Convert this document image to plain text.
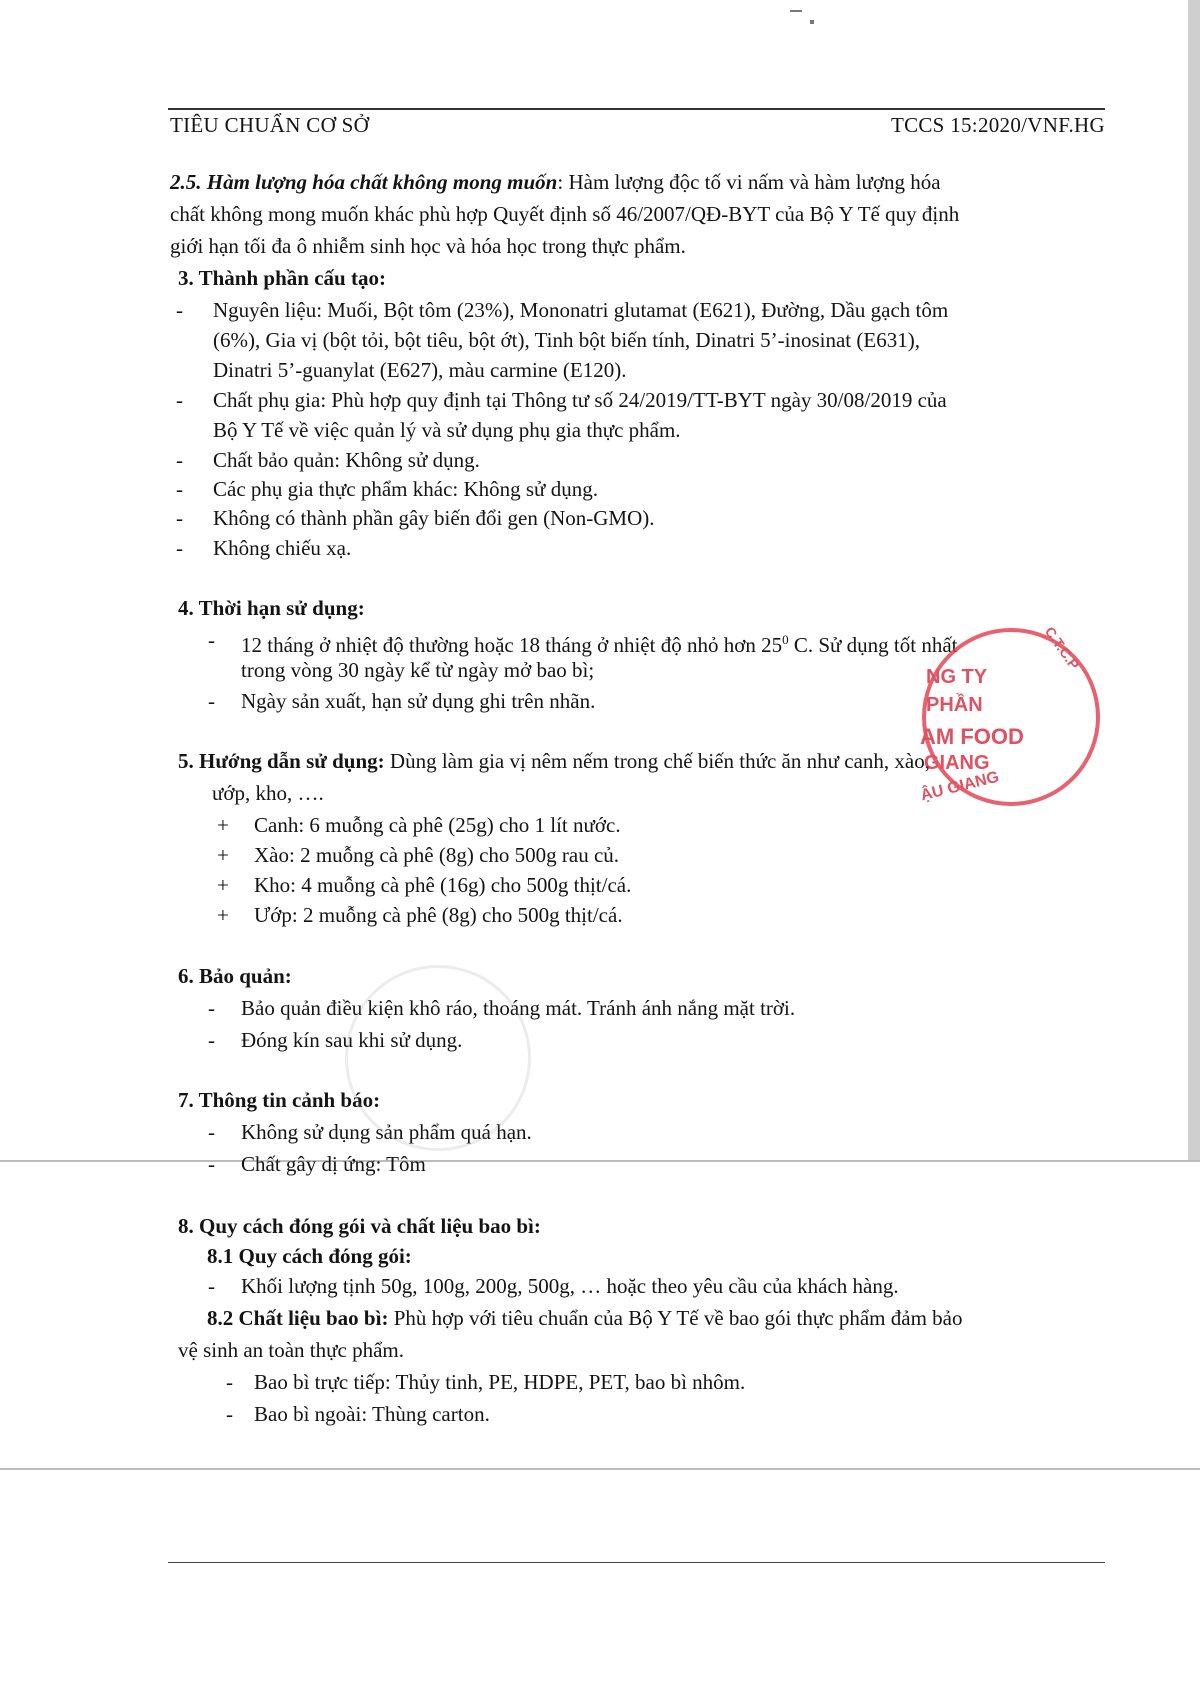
TIÊU CHUẨN CƠ SỞ	TCCS 15:2020/VNF.HG
2.5. Hàm lượng hóa chất không mong muốn: Hàm lượng độc tố vi nấm và hàm lượng hóa
chất không mong muốn khác phù hợp Quyết định số 46/2007/QĐ-BYT của Bộ Y Tế quy định
giới hạn tối đa ô nhiễm sinh học và hóa học trong thực phẩm.
3. Thành phần cấu tạo:
- Nguyên liệu: Muối, Bột tôm (23%), Mononatri glutamat (E621), Đường, Dầu gạch tôm
(6%), Gia vị (bột tỏi, bột tiêu, bột ớt), Tinh bột biến tính, Dinatri 5’-inosinat (E631),
Dinatri 5’-guanylat (E627), màu carmine (E120).
- Chất phụ gia: Phù hợp quy định tại Thông tư số 24/2019/TT-BYT ngày 30/08/2019 của
Bộ Y Tế về việc quản lý và sử dụng phụ gia thực phẩm.
- Chất bảo quản: Không sử dụng.
- Các phụ gia thực phẩm khác: Không sử dụng.
- Không có thành phần gây biến đổi gen (Non-GMO).
- Không chiếu xạ.
4. Thời hạn sử dụng:
- 12 tháng ở nhiệt độ thường hoặc 18 tháng ở nhiệt độ nhỏ hơn $25^0$ C. Sử dụng tốt nhất
trong vòng 30 ngày kể từ ngày mở bao bì;
- Ngày sản xuất, hạn sử dụng ghi trên nhãn.
5. Hướng dẫn sử dụng: Dùng làm gia vị nêm nếm trong chế biến thức ăn như canh, xào,
ướp, kho, ….
+ Canh: 6 muỗng cà phê (25g) cho 1 lít nước.
+ Xào: 2 muỗng cà phê (8g) cho 500g rau củ.
+ Kho: 4 muỗng cà phê (16g) cho 500g thịt/cá.
+ Ướp: 2 muỗng cà phê (8g) cho 500g thịt/cá.
6. Bảo quản:
- Bảo quản điều kiện khô ráo, thoáng mát. Tránh ánh nắng mặt trời.
- Đóng kín sau khi sử dụng.
7. Thông tin cảnh báo:
- Không sử dụng sản phẩm quá hạn.
- Chất gây dị ứng: Tôm
8. Quy cách đóng gói và chất liệu bao bì:
8.1 Quy cách đóng gói:
- Khối lượng tịnh 50g, 100g, 200g, 500g, … hoặc theo yêu cầu của khách hàng.
8.2 Chất liệu bao bì: Phù hợp với tiêu chuẩn của Bộ Y Tế về bao gói thực phẩm đảm bảo
vệ sinh an toàn thực phẩm.
- Bao bì trực tiếp: Thủy tinh, PE, HDPE, PET, bao bì nhôm.
- Bao bì ngoài: Thùng carton.
C.T.C.P
NG TY
PHẦN
AM FOOD
GIANG
ẬU GIANG
